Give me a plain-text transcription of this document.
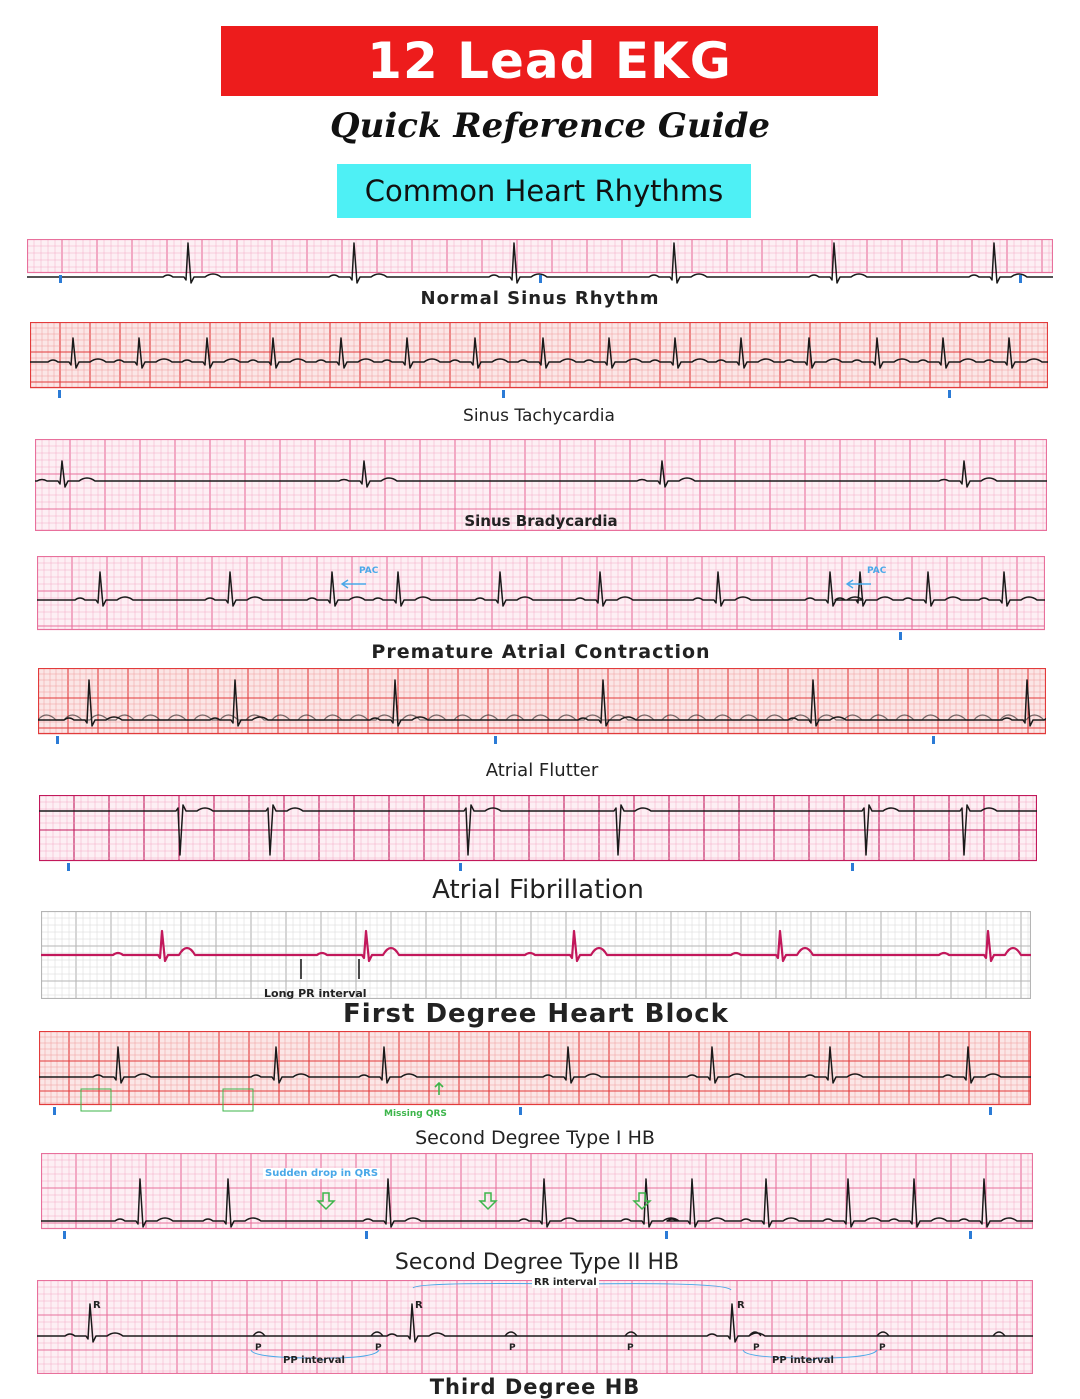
12 Lead EKG
Quick Reference Guide
Common Heart Rhythms
Normal Sinus Rhythm
Sinus Tachycardia
Sinus Bradycardia
PAC	PAC
Premature Atrial Contraction
Atrial Flutter
Atrial Fibrillation
Long PR interval
First Degree Heart Block
Missing QRS
Second Degree Type I HB
Sudden drop in QRS
Second Degree Type II HB
RR interval
PP interval	PP interval
R	R	R
P	P	P	P	P	P
Third Degree HB
